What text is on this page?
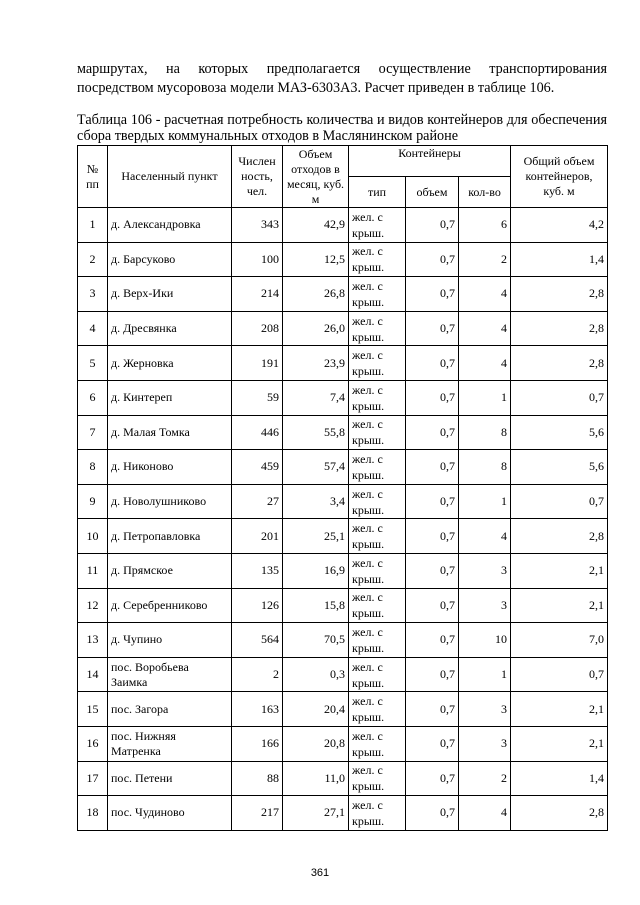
маршрутах, на которых предполагается осуществление транспортирования посредством мусоровоза модели МАЗ-6303А3. Расчет приведен в таблице 106.

Таблица 106 - расчетная потребность количества и видов контейнеров для обеспечения сбора твердых коммунальных отходов в Маслянинском районе

№ пп	Населенный пункт	Числен ность, чел.	Объем отходов в месяц, куб. м	Контейнеры			Общий объем контейнеров, куб. м
				тип	объем	кол-во	
1	д. Александровка	343	42,9	жел. с крыш.	0,7	6	4,2
2	д. Барсуково	100	12,5	жел. с крыш.	0,7	2	1,4
3	д. Верх-Ики	214	26,8	жел. с крыш.	0,7	4	2,8
4	д. Дресвянка	208	26,0	жел. с крыш.	0,7	4	2,8
5	д. Жерновка	191	23,9	жел. с крыш.	0,7	4	2,8
6	д. Кинтереп	59	7,4	жел. с крыш.	0,7	1	0,7
7	д. Малая Томка	446	55,8	жел. с крыш.	0,7	8	5,6
8	д. Никоново	459	57,4	жел. с крыш.	0,7	8	5,6
9	д. Новолушниково	27	3,4	жел. с крыш.	0,7	1	0,7
10	д. Петропавловка	201	25,1	жел. с крыш.	0,7	4	2,8
11	д. Прямское	135	16,9	жел. с крыш.	0,7	3	2,1
12	д. Серебренниково	126	15,8	жел. с крыш.	0,7	3	2,1
13	д. Чупино	564	70,5	жел. с крыш.	0,7	10	7,0
14	пос. Воробьева Заимка	2	0,3	жел. с крыш.	0,7	1	0,7
15	пос. Загора	163	20,4	жел. с крыш.	0,7	3	2,1
16	пос. Нижняя Матренка	166	20,8	жел. с крыш.	0,7	3	2,1
17	пос. Петени	88	11,0	жел. с крыш.	0,7	2	1,4
18	пос. Чудиново	217	27,1	жел. с крыш.	0,7	4	2,8
361
